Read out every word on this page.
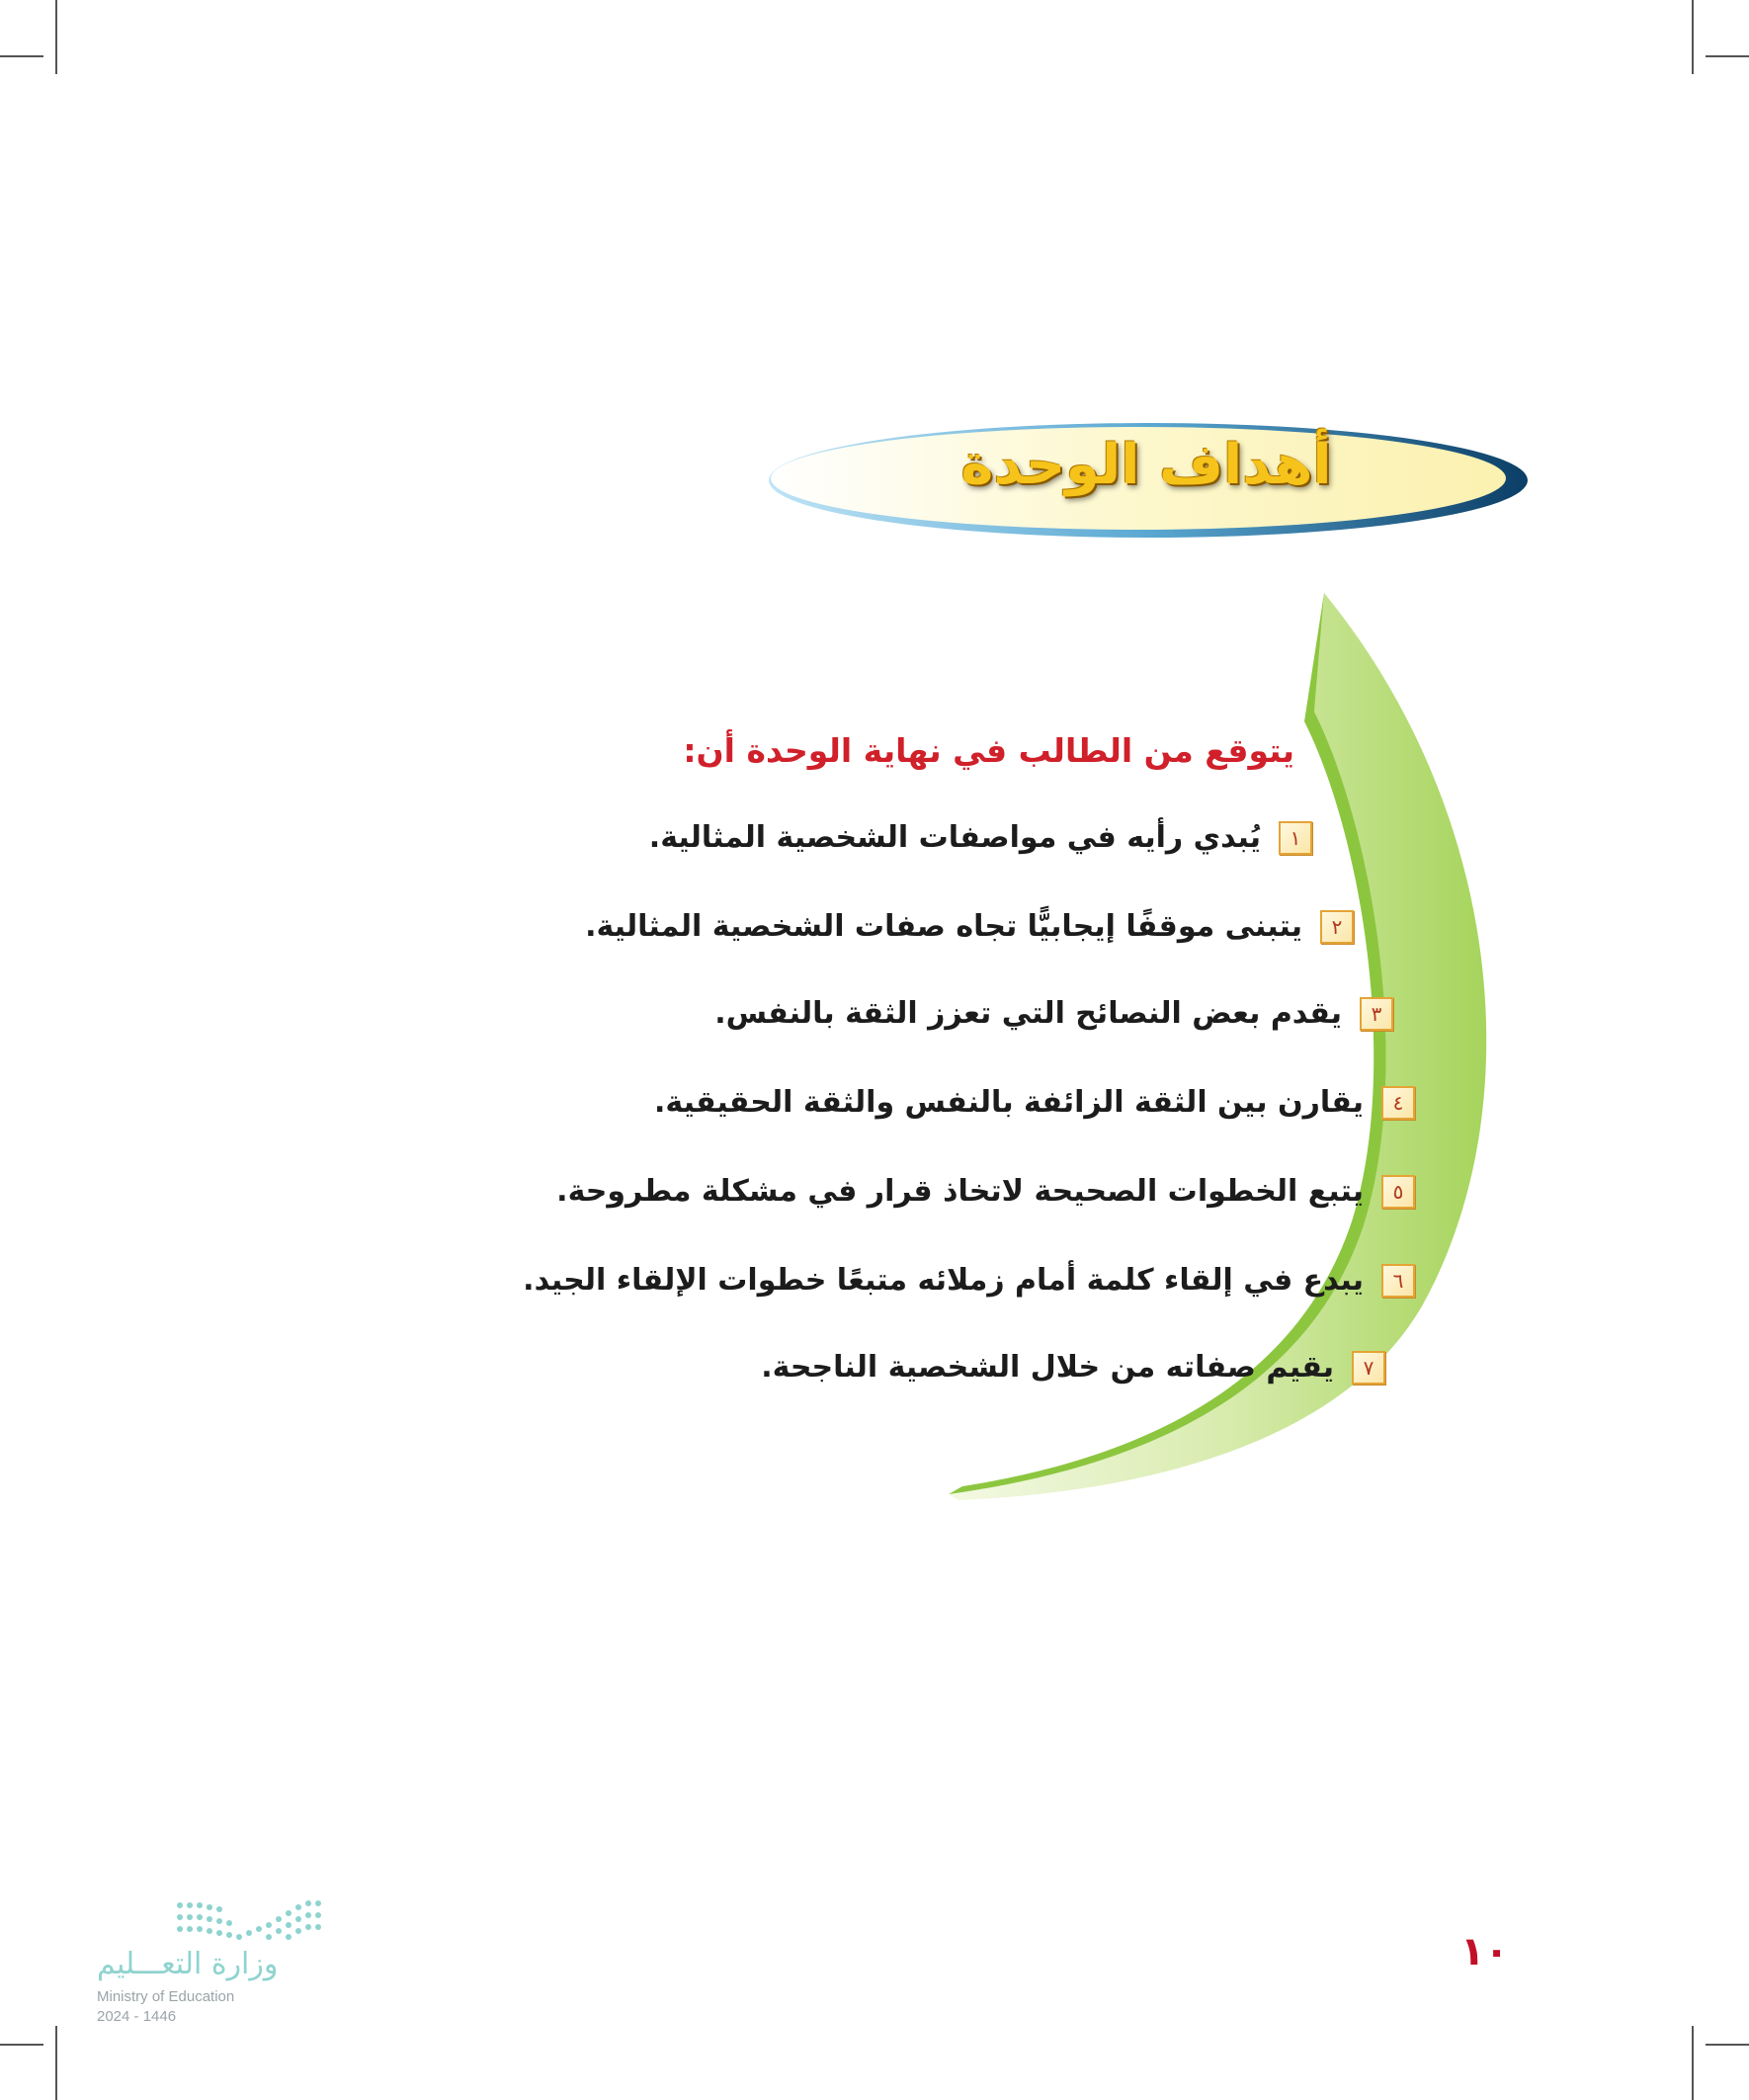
أهداف الوحدة
يتوقع من الطالب في نهاية الوحدة أن:
١
يُبدي رأيه في مواصفات الشخصية المثالية.
٢
يتبنى موقفًا إيجابيًّا تجاه صفات الشخصية المثالية.
٣
يقدم بعض النصائح التي تعزز الثقة بالنفس.
٤
يقارن بين الثقة الزائفة بالنفس والثقة الحقيقية.
٥
يتبع الخطوات الصحيحة لاتخاذ قرار في مشكلة مطروحة.
٦
يبدع في إلقاء كلمة أمام زملائه متبعًا خطوات الإلقاء الجيد.
٧
يقيم صفاته من خلال الشخصية الناجحة.
وزارة التعـــليم
Ministry of Education
2024 - 1446
١٠
